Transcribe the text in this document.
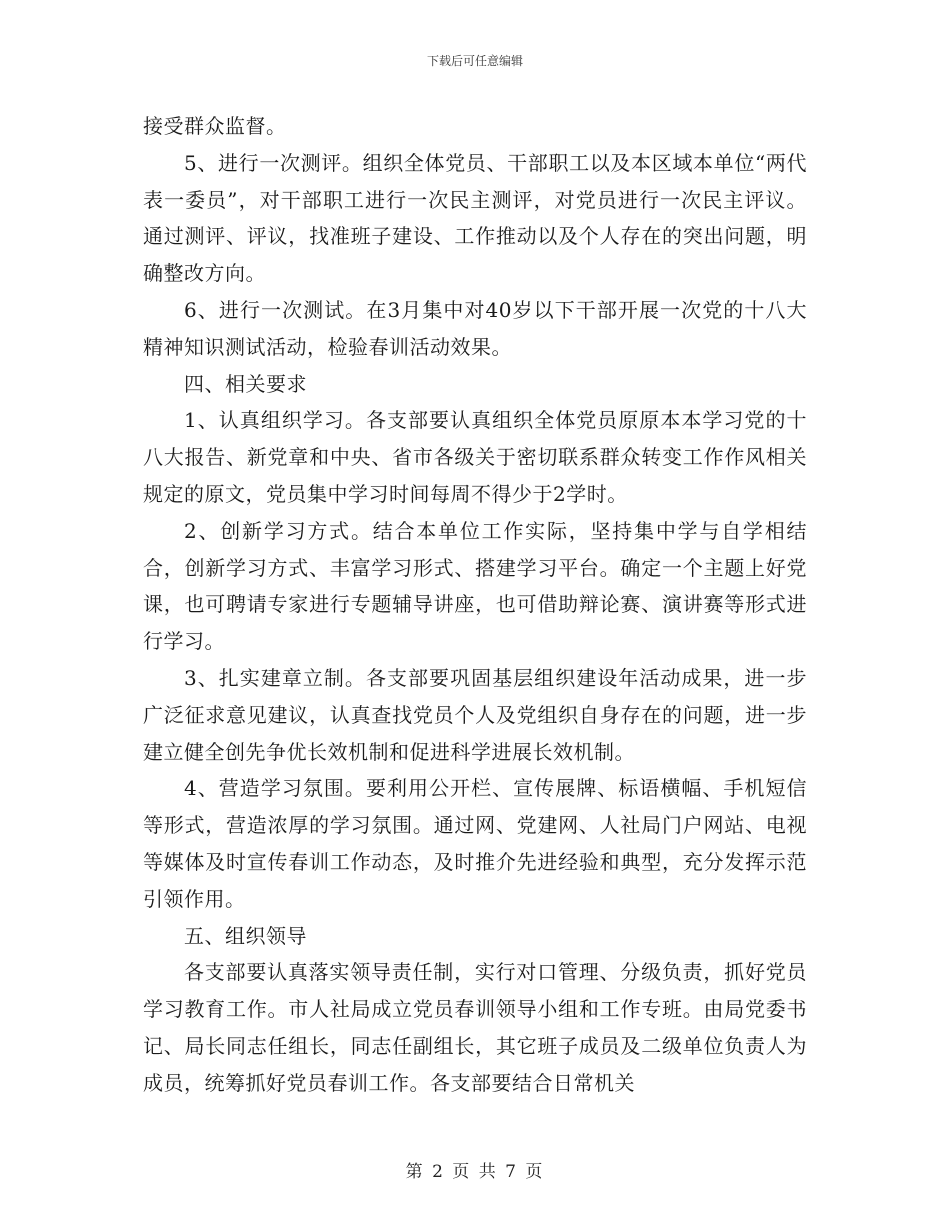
下载后可任意编辑

接受群众监督。

5、进行一次测评。组织全体党员、干部职工以及本区域本单位“两代表一委员”，对干部职工进行一次民主测评，对党员进行一次民主评议。通过测评、评议，找准班子建设、工作推动以及个人存在的突出问题，明确整改方向。

6、进行一次测试。在3月集中对40岁以下干部开展一次党的十八大精神知识测试活动，检验春训活动效果。

四、相关要求

1、认真组织学习。各支部要认真组织全体党员原原本本学习党的十八大报告、新党章和中央、省市各级关于密切联系群众转变工作作风相关规定的原文，党员集中学习时间每周不得少于2学时。

2、创新学习方式。结合本单位工作实际，坚持集中学与自学相结合，创新学习方式、丰富学习形式、搭建学习平台。确定一个主题上好党课，也可聘请专家进行专题辅导讲座，也可借助辩论赛、演讲赛等形式进行学习。

3、扎实建章立制。各支部要巩固基层组织建设年活动成果，进一步广泛征求意见建议，认真查找党员个人及党组织自身存在的问题，进一步建立健全创先争优长效机制和促进科学进展长效机制。

4、营造学习氛围。要利用公开栏、宣传展牌、标语横幅、手机短信等形式，营造浓厚的学习氛围。通过网、党建网、人社局门户网站、电视等媒体及时宣传春训工作动态，及时推介先进经验和典型，充分发挥示范引领作用。

五、组织领导

各支部要认真落实领导责任制，实行对口管理、分级负责，抓好党员学习教育工作。市人社局成立党员春训领导小组和工作专班。由局党委书记、局长同志任组长，同志任副组长，其它班子成员及二级单位负责人为成员，统筹抓好党员春训工作。各支部要结合日常机关

第 2 页 共 7 页
